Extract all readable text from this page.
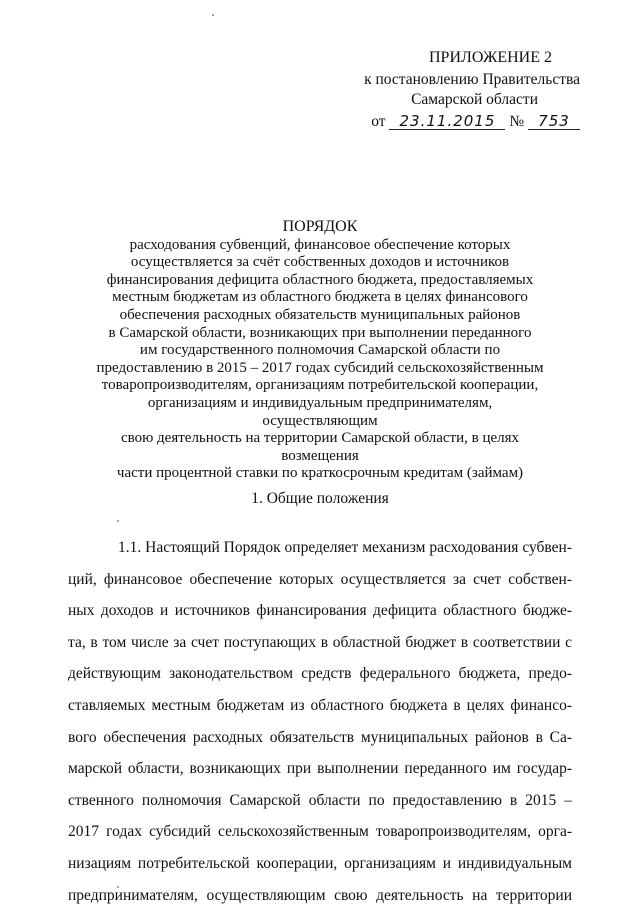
ПРИЛОЖЕНИЕ 2
к постановлению Правительства
Самарской области
от 23.11.2015 № 753
ПОРЯДОК
расходования субвенций, финансовое обеспечение которых
осуществляется за счёт собственных доходов и источников
финансирования дефицита областного бюджета, предоставляемых
местным бюджетам из областного бюджета в целях финансового
обеспечения расходных обязательств муниципальных районов
в Самарской области, возникающих при выполнении переданного
им государственного полномочия Самарской области по
предоставлению в 2015 – 2017 годах субсидий сельскохозяйственным
товаропроизводителям, организациям потребительской кооперации,
организациям и индивидуальным предпринимателям, осуществляющим
свою деятельность на территории Самарской области, в целях возмещения
части процентной ставки по краткосрочным кредитам (займам)
1. Общие положения
1.1. Настоящий Порядок определяет механизм расходования субвен-
ций, финансовое обеспечение которых осуществляется за счет собствен-
ных доходов и источников финансирования дефицита областного бюдже-
та, в том числе за счет поступающих в областной бюджет в соответствии с
действующим законодательством средств федерального бюджета, предо-
ставляемых местным бюджетам из областного бюджета в целях финансо-
вого обеспечения расходных обязательств муниципальных районов в Са-
марской области, возникающих при выполнении переданного им государ-
ственного полномочия Самарской области по предоставлению в 2015 –
2017 годах субсидий сельскохозяйственным товаропроизводителям, орга-
низациям потребительской кооперации, организациям и индивидуальным
предпринимателям, осуществляющим свою деятельность на территории
